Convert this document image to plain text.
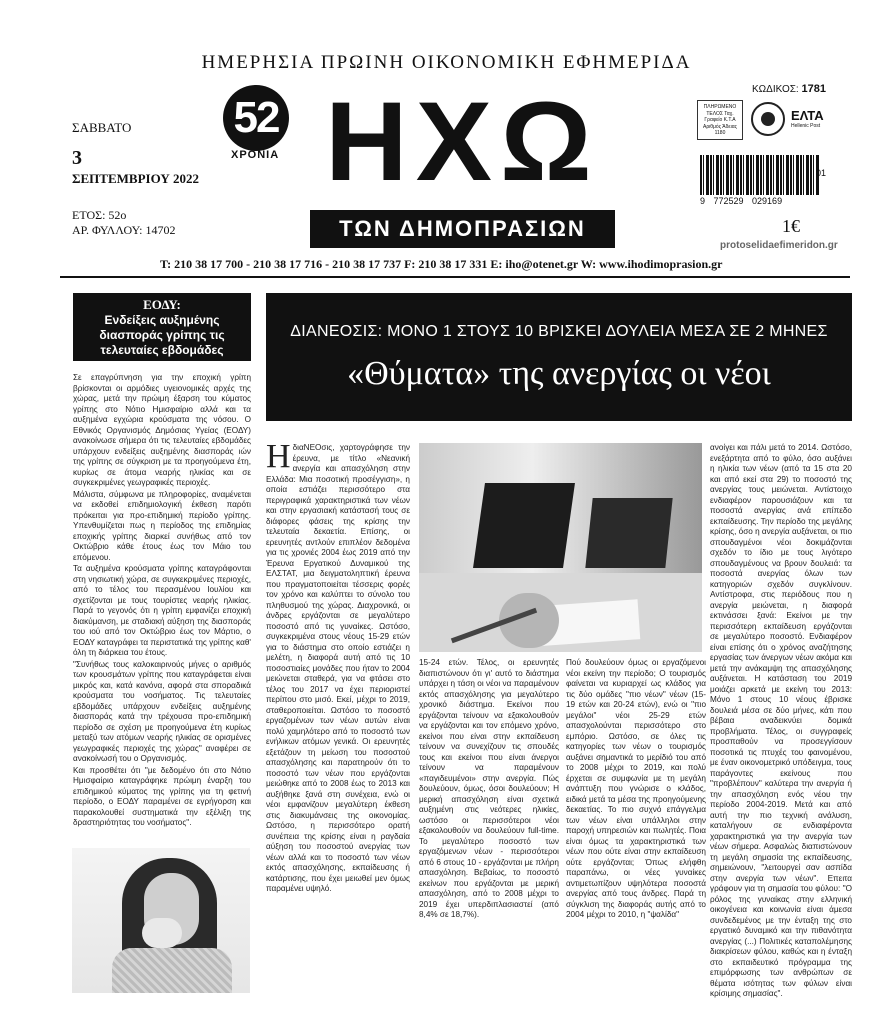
ΗΜΕΡΗΣΙΑ ΠΡΩΙΝΗ ΟΙΚΟΝΟΜΙΚΗ ΕΦΗΜΕΡΙΔΑ
ΣΑΒΒΑΤΟ
3
ΣΕΠΤΕΜΒΡΙΟΥ 2022
ΕΤΟΣ: 52ο
ΑΡ. ΦΥΛΛΟΥ: 14702
52
ΧΡΟΝΙΑ ΗΧΩ
ΤΩΝ ΔΗΜΟΠΡΑΣΙΩΝ
ΚΩΔΙΚΟΣ: 1781
ΠΛΗΡΩΜΕΝΟ ΤΕΛΟΣ Ταχ. Γραφείο Κ.Τ.Α Αριθμός Άδειας 1180
ΕΛΤΑ
Hellenic Post
9 772529 029169
01
1€
protoselidaefimeridon.gr
T: 210 38 17 700 - 210 38 17 716 - 210 38 17 737 F: 210 38 17 331 E: iho@otenet.gr W: www.ihodimoprasion.gr
ΕΟΔΥ:
Ενδείξεις αυξημένης διασποράς γρίπης τις τελευταίες εβδομάδες

Σε επαγρύπνηση για την εποχική γρίπη βρίσκονται οι αρμόδιες υγειονομικές αρχές της χώρας, μετά την πρώιμη έξαρση του κύματος γρίπης στο Νότιο Ημισφαίριο αλλά και τα αυξημένα εγχώρια κρούσματα της νόσου. Ο Εθνικός Οργανισμός Δημόσιας Υγείας (ΕΟΔΥ) ανακοίνωσε σήμερα ότι τις τελευταίες εβδομάδες υπάρχουν ενδείξεις αυξημένης διασποράς ιών της γρίπης σε σύγκριση με τα προηγούμενα έτη, κυρίως σε άτομα νεαρής ηλικίας και σε συγκεκριμένες γεωγραφικές περιοχές.

Μάλιστα, σύμφωνα με πληροφορίες, αναμένεται να εκδοθεί επιδημιολογική έκθεση παρότι πρόκειται για προ-επιδημική περίοδο γρίπης. Υπενθυμίζεται πως η περίοδος της επιδημίας εποχικής γρίπης διαρκεί συνήθως από τον Οκτώβριο κάθε έτους έως τον Μάιο του επόμενου.

Τα αυξημένα κρούσματα γρίπης καταγράφονται στη νησιωτική χώρα, σε συγκεκριμένες περιοχές, από το τέλος του περασμένου Ιουλίου και σχετίζονται με τους τουρίστες νεαρής ηλικίας. Παρά το γεγονός ότι η γρίπη εμφανίζει εποχική διακύμανση, με σταδιακή αύξηση της διασποράς του ιού από τον Οκτώβριο έως τον Μάρτιο, ο ΕΟΔΥ καταγράφει τα περιστατικά της γρίπης καθ' όλη τη διάρκεια του έτους.

"Συνήθως τους καλοκαιρινούς μήνες ο αριθμός των κρουσμάτων γρίπης που καταγράφεται είναι μικρός και, κατά κανόνα, αφορά στα σποραδικά κρούσματα του νοσήματος. Τις τελευταίες εβδομάδες υπάρχουν ενδείξεις αυξημένης διασποράς κατά την τρέχουσα προ-επιδημική περίοδο σε σχέση με προηγούμενα έτη κυρίως μεταξύ των ατόμων νεαρής ηλικίας σε ορισμένες γεωγραφικές περιοχές της χώρας" αναφέρει σε ανακοίνωσή του ο Οργανισμός.

Και προσθέτει ότι "με δεδομένο ότι στο Νότιο Ημισφαίριο καταγράφηκε πρώιμη έναρξη του επιδημικού κύματος της γρίπης για τη φετινή περίοδο, ο ΕΟΔΥ παραμένει σε εγρήγορση και παρακολουθεί συστηματικά την εξέλιξη της δραστηριότητας του νοσήματος".

ΔΙΑΝΕΟΣΙΣ: ΜΟΝΟ 1 ΣΤΟΥΣ 10 ΒΡΙΣΚΕΙ ΔΟΥΛΕΙΑ ΜΕΣΑ ΣΕ 2 ΜΗΝΕΣ
«Θύματα» της ανεργίας οι νέοι
Η διαΝΕΟσις, χαρτογράφησε την έρευνα, με τίτλο «Νεανική ανεργία και απασχόληση στην Ελλάδα: Μια ποσοτική προσέγγιση», η οποία εστιάζει περισσότερο στα περιγραφικά χαρακτηριστικά των νέων και στην εργασιακή κατάστασή τους σε διάφορες φάσεις της κρίσης την τελευταία δεκαετία. Επίσης, οι ερευνητές αντλούν επιπλέον δεδομένα για τις χρονιές 2004 έως 2019 από την Έρευνα Εργατικού Δυναμικού της ΕΛΣΤΑΤ, μια δειγματοληπτική έρευνα που πραγματοποιείται τέσσερις φορές τον χρόνο και καλύπτει το σύνολο του πληθυσμού της χώρας. Διαχρονικά, οι άνδρες εργάζονται σε μεγαλύτερο ποσοστό από τις γυναίκες. Ωστόσο, συγκεκριμένα στους νέους 15-29 ετών για το διάστημα στο οποίο εστιάζει η μελέτη, η διαφορά αυτή από τις 10 ποσοστιαίες μονάδες που ήταν το 2004 μειώνεται σταθερά, για να φτάσει στο τέλος του 2017 να έχει περιοριστεί περίπου στο μισό. Εκεί, μέχρι το 2019, σταθεροποιείται. Ωστόσο το ποσοστό εργαζομένων των νέων αυτών είναι πολύ χαμηλότερο από το ποσοστό των ενήλικων ατόμων γενικά. Οι ερευνητές εξετάζουν τη μείωση του ποσοστού απασχόλησης και παρατηρούν ότι το ποσοστό των νέων που εργάζονται μειώθηκε από το 2008 έως το 2013 και αυξήθηκε ξανά στη συνέχεια, ενώ οι νέοι εμφανίζουν μεγαλύτερη έκθεση στις διακυμάνσεις της οικονομίας. Ωστόσο, η περισσότερο ορατή συνέπεια της κρίσης είναι η ραγδαία αύξηση του ποσοστού ανεργίας των νέων αλλά και το ποσοστό των νέων εκτός απασχόλησης, εκπαίδευσης ή κατάρτισης, που έχει μειωθεί μεν όμως παραμένει υψηλό.
15-24 ετών. Τέλος, οι ερευνητές διαπιστώνουν ότι γι' αυτό το διάστημα υπάρχει η τάση οι νέοι να παραμένουν εκτός απασχόλησης για μεγαλύτερο χρονικό διάστημα. Εκείνοι που εργάζονται τείνουν να εξακολουθούν να εργάζονται και τον επόμενο χρόνο, εκείνοι που είναι στην εκπαίδευση τείνουν να συνεχίζουν τις σπουδές τους και εκείνοι που είναι άνεργοι τείνουν να παραμένουν «παγιδευμένοι» στην ανεργία. Πώς δουλεύουν, όμως, όσοι δουλεύουν; Η μερική απασχόληση είναι σχετικά αυξημένη στις νεότερες ηλικίες, ωστόσο οι περισσότεροι νέοι εξακολουθούν να δουλεύουν full-time. Το μεγαλύτερο ποσοστό των εργαζόμενων νέων - περισσότεροι από 6 στους 10 - εργάζονται με πλήρη απασχόληση. Βεβαίως, το ποσοστό εκείνων που εργάζονται με μερική απασχόληση, από το 2008 μέχρι το 2019 έχει υπερδιπλασιαστεί (από 8,4% σε 18,7%).
Πού δουλεύουν όμως οι εργαζόμενοι νέοι εκείνη την περίοδο; Ο τουρισμός φαίνεται να κυριαρχεί ως κλάδος για τις δύο ομάδες "πιο νέων" νέων (15-19 ετών και 20-24 ετών), ενώ οι "πιο μεγάλοι" νέοι 25-29 ετών απασχολούνται περισσότερο στο εμπόριο. Ωστόσο, σε όλες τις κατηγορίες των νέων ο τουρισμός αυξάνει σημαντικά το μερίδιό του από το 2008 μέχρι το 2019, και πολύ έρχεται σε συμφωνία με τη μεγάλη ανάπτυξη που γνώρισε ο κλάδος, ειδικά μετά τα μέσα της προηγούμενης δεκαετίας. Το πιο συχνό επάγγελμα των νέων είναι υπάλληλοι στην παροχή υπηρεσιών και πωλητές. Ποια είναι όμως τα χαρακτηριστικά των νέων που ούτε είναι στην εκπαίδευση ούτε εργάζονται; Όπως ελήφθη παραπάνω, οι νέες γυναίκες αντιμετωπίζουν υψηλότερα ποσοστά ανεργίας από τους άνδρες. Παρά τη σύγκλιση της διαφοράς αυτής από το 2004 μέχρι το 2010, η "ψαλίδα"
ανοίγει και πάλι μετά το 2014. Ωστόσο, ενεξάρτητα από το φύλο, όσο αυξάνει η ηλικία των νέων (από τα 15 στα 20 και από εκεί στα 29) το ποσοστό της ανεργίας τους μειώνεται. Αντίστοιχο ενδιαφέρον παρουσιάζουν και τα ποσοστά ανεργίας ανά επίπεδο εκπαίδευσης. Την περίοδο της μεγάλης κρίσης, όσο η ανεργία αυξάνεται, οι πιο σπουδαγμένοι νέοι δοκιμάζονται σχεδόν το ίδιο με τους λιγότερο σπουδαγμένους να βρουν δουλειά: τα ποσοστά ανεργίας όλων των κατηγοριών σχεδόν συγκλίνουν. Αντίστροφα, στις περιόδους που η ανεργία μειώνεται, η διαφορά εκτινάσσει ξανά: Εκείνοι με την περισσότερη εκπαίδευση εργάζονται σε μεγαλύτερο ποσοστό. Ενδιαφέρον είναι επίσης ότι ο χρόνος αναζήτησης εργασίας των άνεργων νέων ακόμα και μετά την ανάκαμψη της απασχόλησης αυξάνεται. Η κατάσταση του 2019 μοιάζει αρκετά με εκείνη του 2013: Μόνο 1 στους 10 νέους έβρισκε δουλειά μέσα σε δύο μήνες, κάτι που βέβαια αναδεικνύει δομικά προβλήματα. Τέλος, οι συγγραφείς προσπαθούν να προσεγγίσουν ποσοτικά τις πτυχές του φαινομένου, με έναν οικονομετρικό υπόδειγμα, τους παράγοντες εκείνους που "προβλέπουν" καλύτερα την ανεργία ή την απασχόληση ενός νέου την περίοδο 2004-2019. Μετά και από αυτή την πιο τεχνική ανάλυση, καταλήγουν σε ενδιαφέροντα χαρακτηριστικά για την ανεργία των νέων σήμερα. Ασφαλώς διαπιστώνουν τη μεγάλη σημασία της εκπαίδευσης, σημειώνουν, "λειτουργεί σαν ασπίδα στην ανεργία των νέων". Επειτα γράφουν για τη σημασία του φύλου: "Ο ρόλος της γυναίκας στην ελληνική οικογένεια και κοινωνία είναι άμεσα συνδεδεμένος με την ένταξη της στο εργατικό δυναμικό και την πιθανότητα ανεργίας (...) Πολιτικές καταπολέμησης διακρίσεων φύλου, καθώς και η ένταξη στο εκπαιδευτικό πρόγραμμα της επιμόρφωσης των ανθρώπων σε θέματα ισότητας των φύλων είναι κρίσιμης σημασίας".
